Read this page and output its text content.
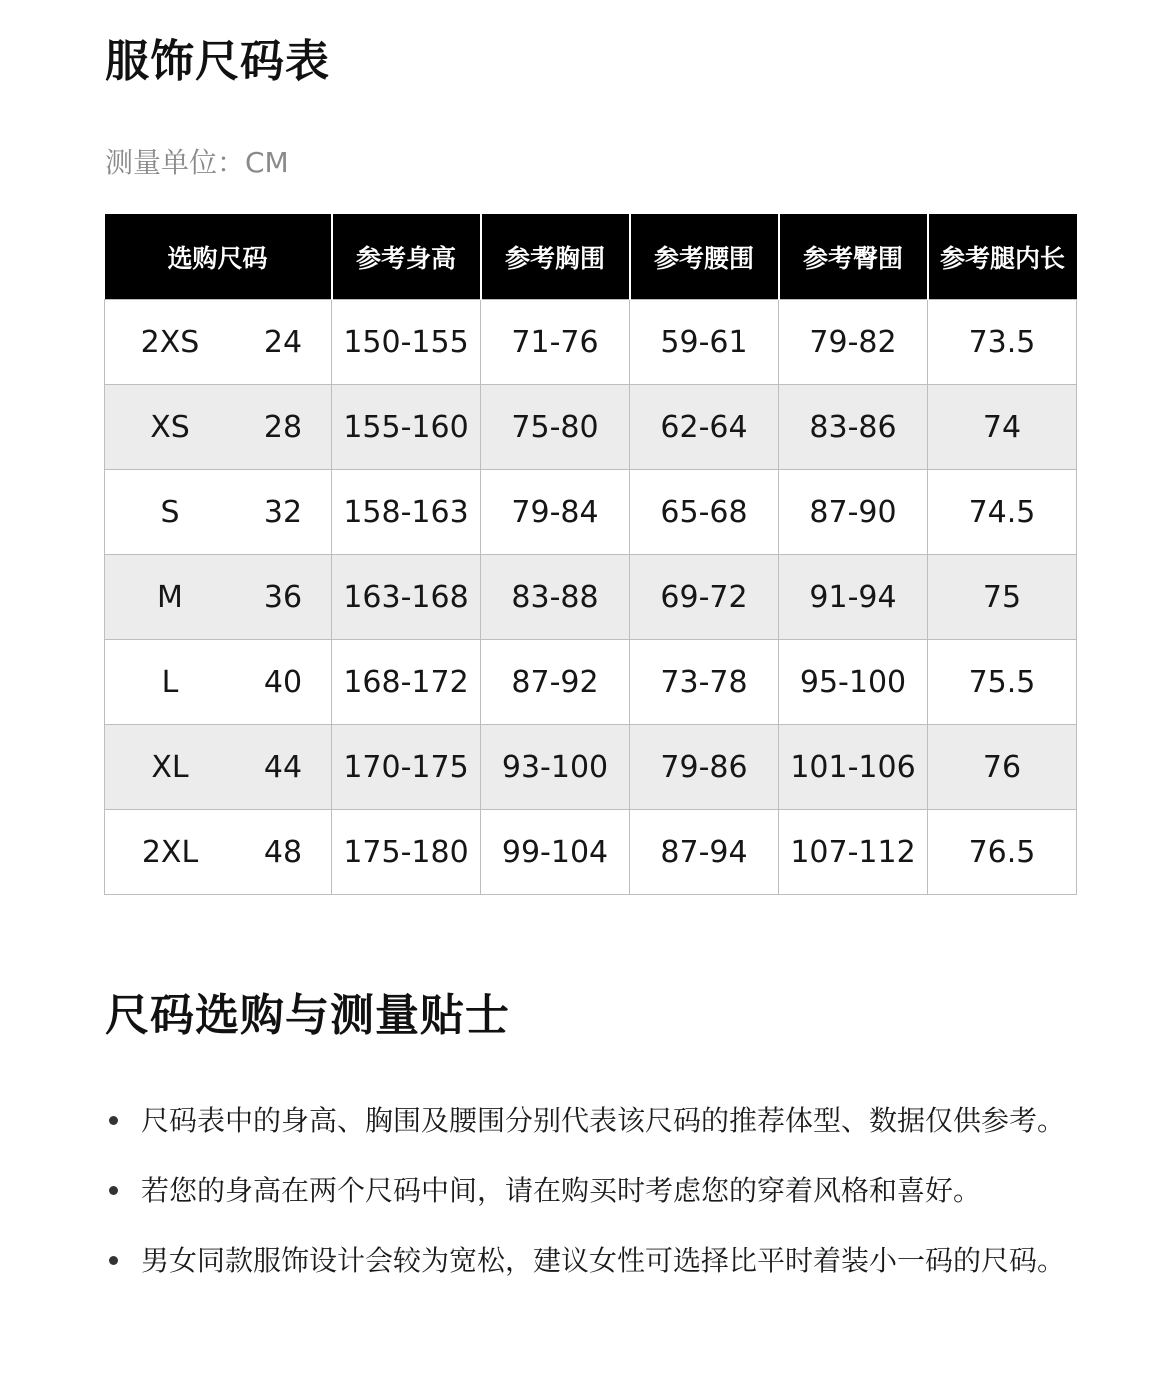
服饰尺码表
测量单位：CM
选购尺码	参考身高	参考胸围	参考腰围	参考臀围	参考腿内长

2XS 24	150-155	71-76	59-61	79-82	73.5

XS 28	155-160	75-80	62-64	83-86	74

S 32	158-163	79-84	65-68	87-90	74.5

M 36	163-168	83-88	69-72	91-94	75

L 40	168-172	87-92	73-78	95-100	75.5

XL 44	170-175	93-100	79-86	101-106	76

2XL 48	175-180	99-104	87-94	107-112	76.5
尺码选购与测量贴士
尺码表中的身高、胸围及腰围分别代表该尺码的推荐体型、数据仅供参考。
若您的身高在两个尺码中间，请在购买时考虑您的穿着风格和喜好。
男女同款服饰设计会较为宽松，建议女性可选择比平时着装小一码的尺码。
